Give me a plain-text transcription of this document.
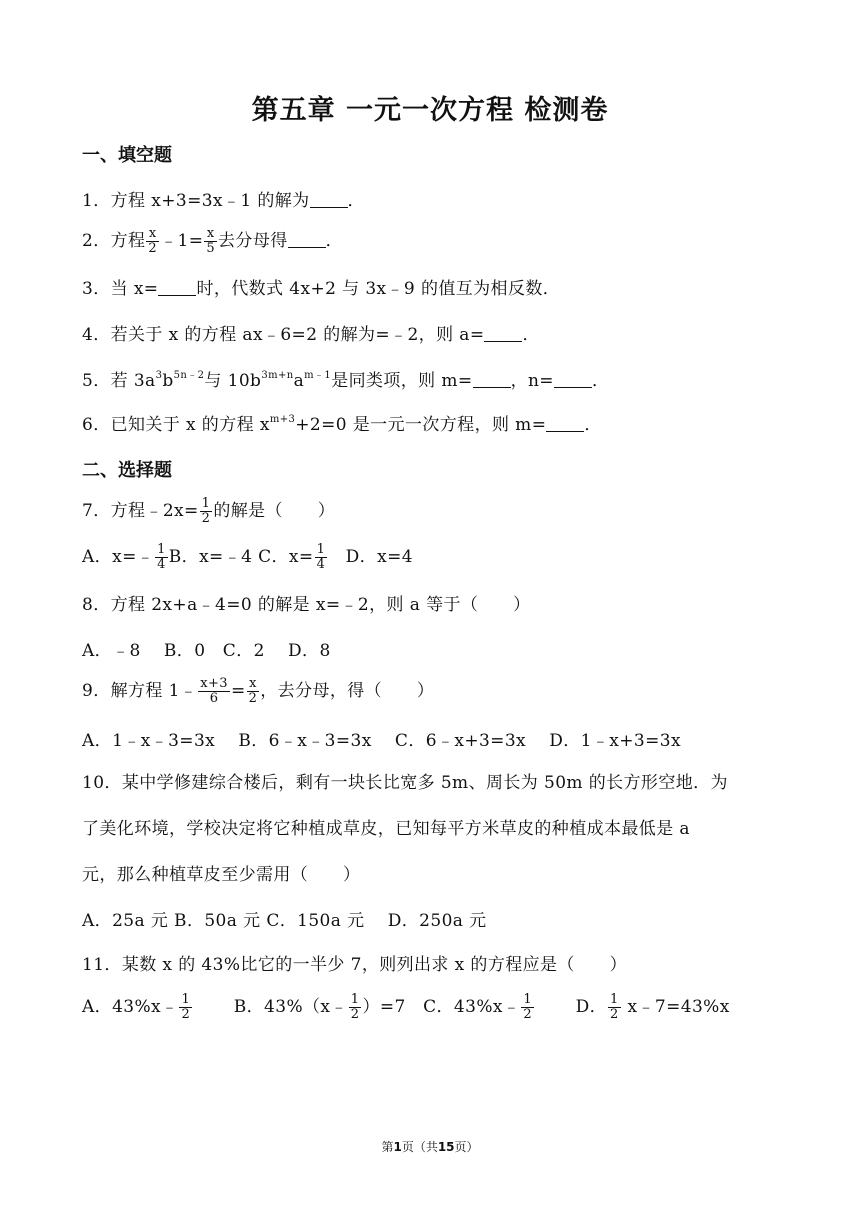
第五章 一元一次方程 检测卷
一、填空题
1．方程 x+3=3x﹣1 的解为 ．
2．方程 $\frac{x}{2}$ ﹣1= $\frac{x}{5}$ 去分母得 ．
3．当 x= 时，代数式 4x+2 与 3x﹣9 的值互为相反数．
4．若关于 x 的方程 ax﹣6=2 的解为=﹣2，则 a= ．
5．若 $3a^3b^{5n﹣2}$与 $10b^{3m+n}a^{m﹣1}$是同类项，则 m= ，n= ．
6．已知关于 x 的方程 $x^{m+3}+2=0$ 是一元一次方程，则 m= ．
二、选择题
7．方程﹣2x= $\frac{1}{2}$ 的解是（　　）
A．x=﹣ $\frac{1}{4}$ B．x=﹣4 C．$x= \frac{1}{4}$ 　D．x=4
8．方程 2x+a﹣4=0 的解是 x=﹣2，则 a 等于（　　）
A．﹣8　 B．0　C．2　 D．8
9．解方程 1﹣ $\frac{x+3}{6} = \frac{x}{2}$ ，去分母，得（　　）
A．1﹣x﹣3=3x　 B．6﹣x﹣3=3x　 C．6﹣x+3=3x　 D．1﹣x+3=3x
10．某中学修建综合楼后，剩有一块长比宽多 5m、周长为 50m 的长方形空地．为
了美化环境，学校决定将它种植成草皮，已知每平方米草皮的种植成本最低是 a
元，那么种植草皮至少需用（　　）
A．25a 元 B．50a 元 C．150a 元　 D．250a 元
11．某数 x 的 43%比它的一半少 7，则列出求 x 的方程应是（　　）
A．43%x﹣ $\frac{1}{2}$ 　　 B．43%（x﹣ $\frac{1}{2} )=7$　C．43%x﹣ $\frac{1}{2}$ 　　 D． $\frac{1}{2}$ x﹣7=43%x
第1页（共15页）
